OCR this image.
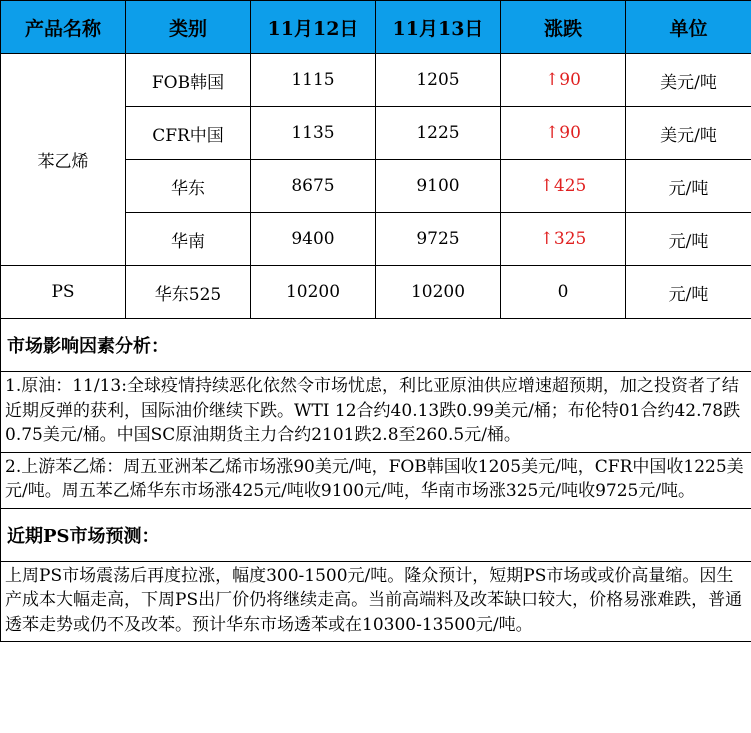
产品名称	类别	11月12日	11月13日	涨跌	单位
苯乙烯	FOB韩国	1115	1205	↑90	美元/吨
	CFR中国	1135	1225	↑90	美元/吨
	华东	8675	9100	↑425	元/吨
	华南	9400	9725	↑325	元/吨
PS	华东525	10200	10200	0	元/吨
市场影响因素分析：					
1.原油：11/13:全球疫情持续恶化依然令市场忧虑，利比亚原油供应增速超预期，加之投资者了结近期反弹的获利，国际油价继续下跌。WTI 12合约40.13跌0.99美元/桶；布伦特01合约42.78跌0.75美元/桶。中国SC原油期货主力合约2101跌2.8至260.5元/桶。					
2.上游苯乙烯：周五亚洲苯乙烯市场涨90美元/吨，FOB韩国收1205美元/吨，CFR中国收1225美元/吨。周五苯乙烯华东市场涨425元/吨收9100元/吨，华南市场涨325元/吨收9725元/吨。					
近期PS市场预测：					
上周PS市场震荡后再度拉涨，幅度300-1500元/吨。隆众预计，短期PS市场或或价高量缩。因生产成本大幅走高，下周PS出厂价仍将继续走高。当前高端料及改苯缺口较大，价格易涨难跌，普通透苯走势或仍不及改苯。预计华东市场透苯或在10300-13500元/吨。					
